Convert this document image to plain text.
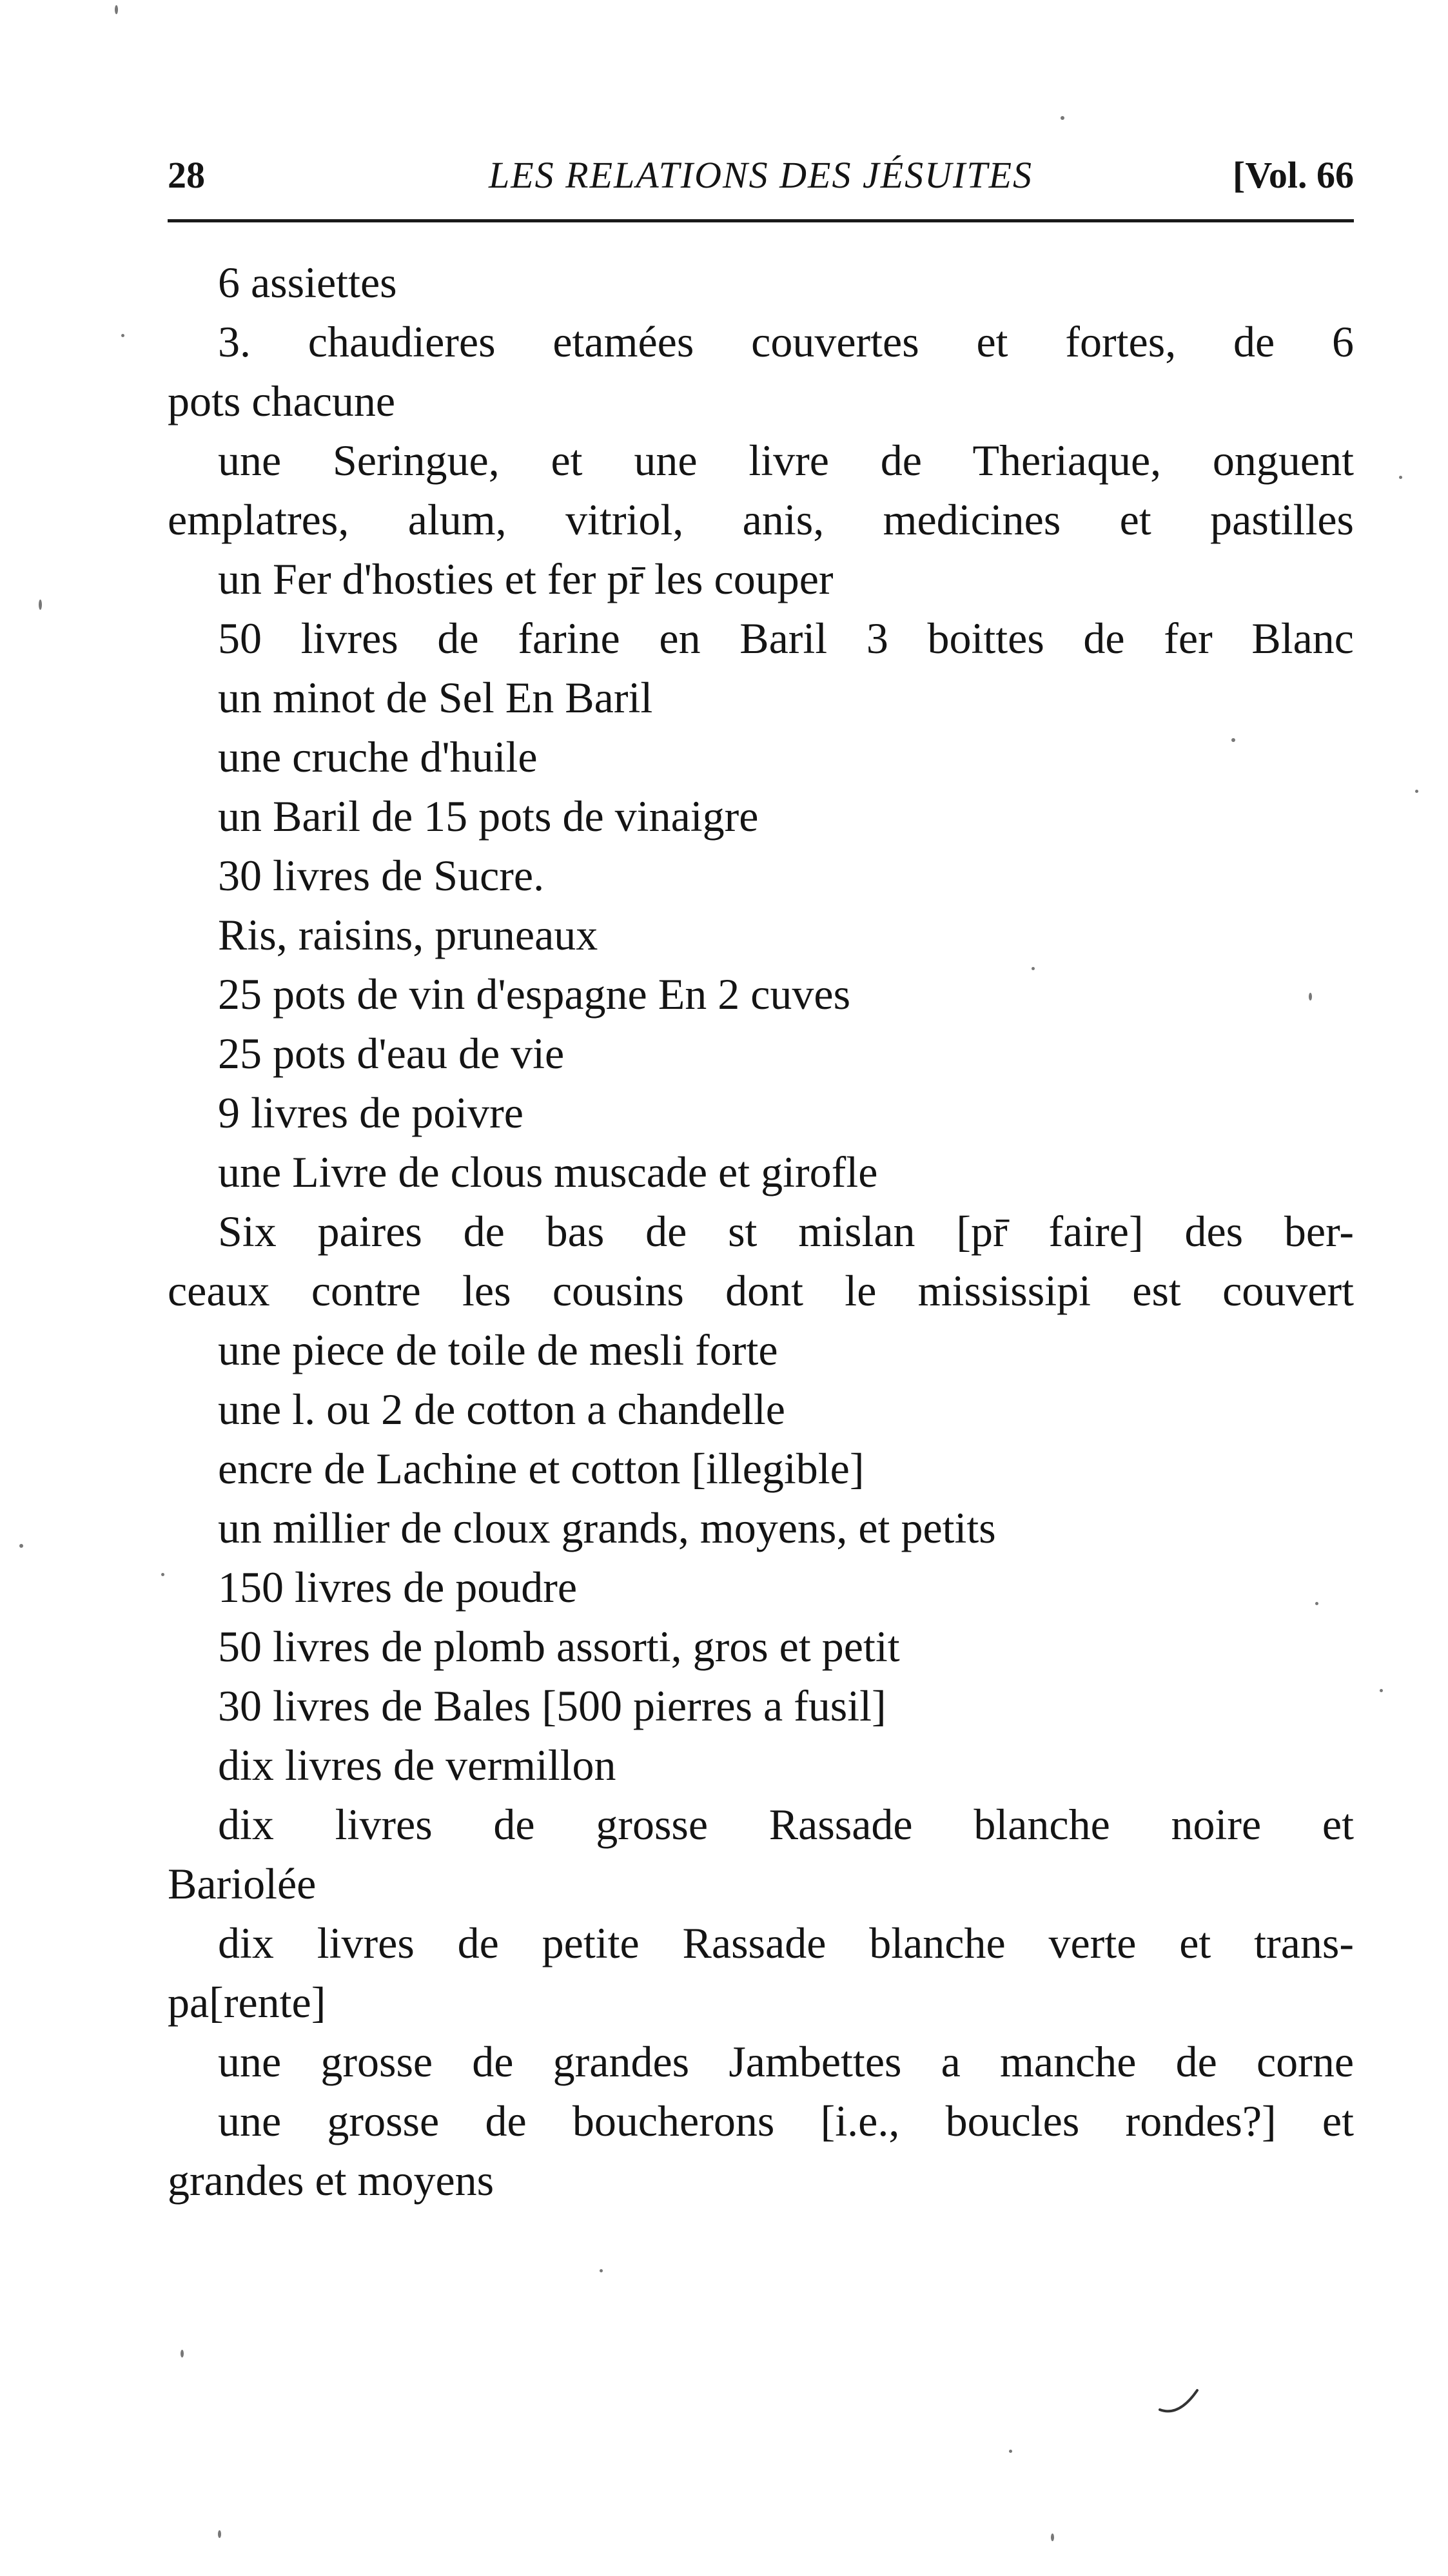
28	LES RELATIONS DES JÉSUITES	[Vol. 66
6 assiettes
3. chaudieres etamées couvertes et fortes, de 6
pots chacune
une Seringue, et une livre de Theriaque, onguent
emplatres, alum, vitriol, anis, medicines et pastilles
un Fer d'hosties et fer pr̄ les couper
50 livres de farine en Baril 3 boittes de fer Blanc
un minot de Sel En Baril
une cruche d'huile
un Baril de 15 pots de vinaigre
30 livres de Sucre.
Ris, raisins, pruneaux
25 pots de vin d'espagne En 2 cuves
25 pots d'eau de vie
9 livres de poivre
une Livre de clous muscade et girofle
Six paires de bas de st mislan [pr̄ faire] des ber-
ceaux contre les cousins dont le mississipi est couvert
une piece de toile de mesli forte
une l. ou 2 de cotton a chandelle
encre de Lachine et cotton [illegible]
un millier de cloux grands, moyens, et petits
150 livres de poudre
50 livres de plomb assorti, gros et petit
30 livres de Bales [500 pierres a fusil]
dix livres de vermillon
dix livres de grosse Rassade blanche noire et
Bariolée
dix livres de petite Rassade blanche verte et trans-
pa[rente]
une grosse de grandes Jambettes a manche de corne
une grosse de boucherons [i.e., boucles rondes?] et
grandes et moyens
